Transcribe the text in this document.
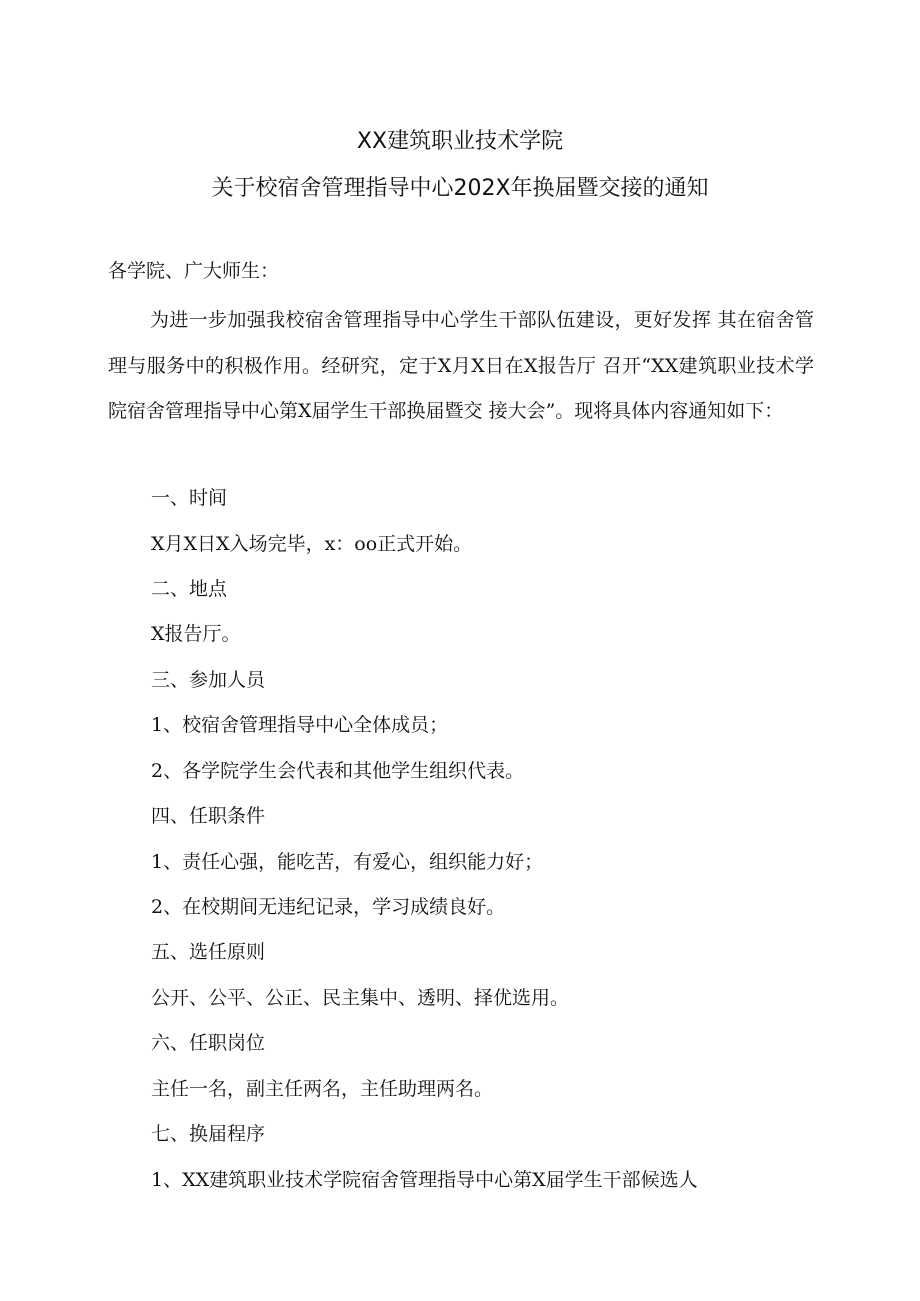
XX建筑职业技术学院
关于校宿舍管理指导中心202X年换届暨交接的通知
各学院、广大师生：

为进一步加强我校宿舍管理指导中心学生干部队伍建设，更好发挥 其在宿舍管理与服务中的积极作用。经研究，定于X月X日在X报告厅 召开“XX建筑职业技术学院宿舍管理指导中心第X届学生干部换届暨交 接大会”。现将具体内容通知如下：

一、时间
X月X日X入场完毕，x：oo正式开始。
二、地点
X报告厅。
三、参加人员
1、校宿舍管理指导中心全体成员；
2、各学院学生会代表和其他学生组织代表。
四、任职条件
1、责任心强，能吃苦，有爱心，组织能力好；
2、在校期间无违纪记录，学习成绩良好。
五、选任原则
公开、公平、公正、民主集中、透明、择优选用。
六、任职岗位
主任一名，副主任两名，主任助理两名。
七、换届程序
1、XX建筑职业技术学院宿舍管理指导中心第X届学生干部候选人
